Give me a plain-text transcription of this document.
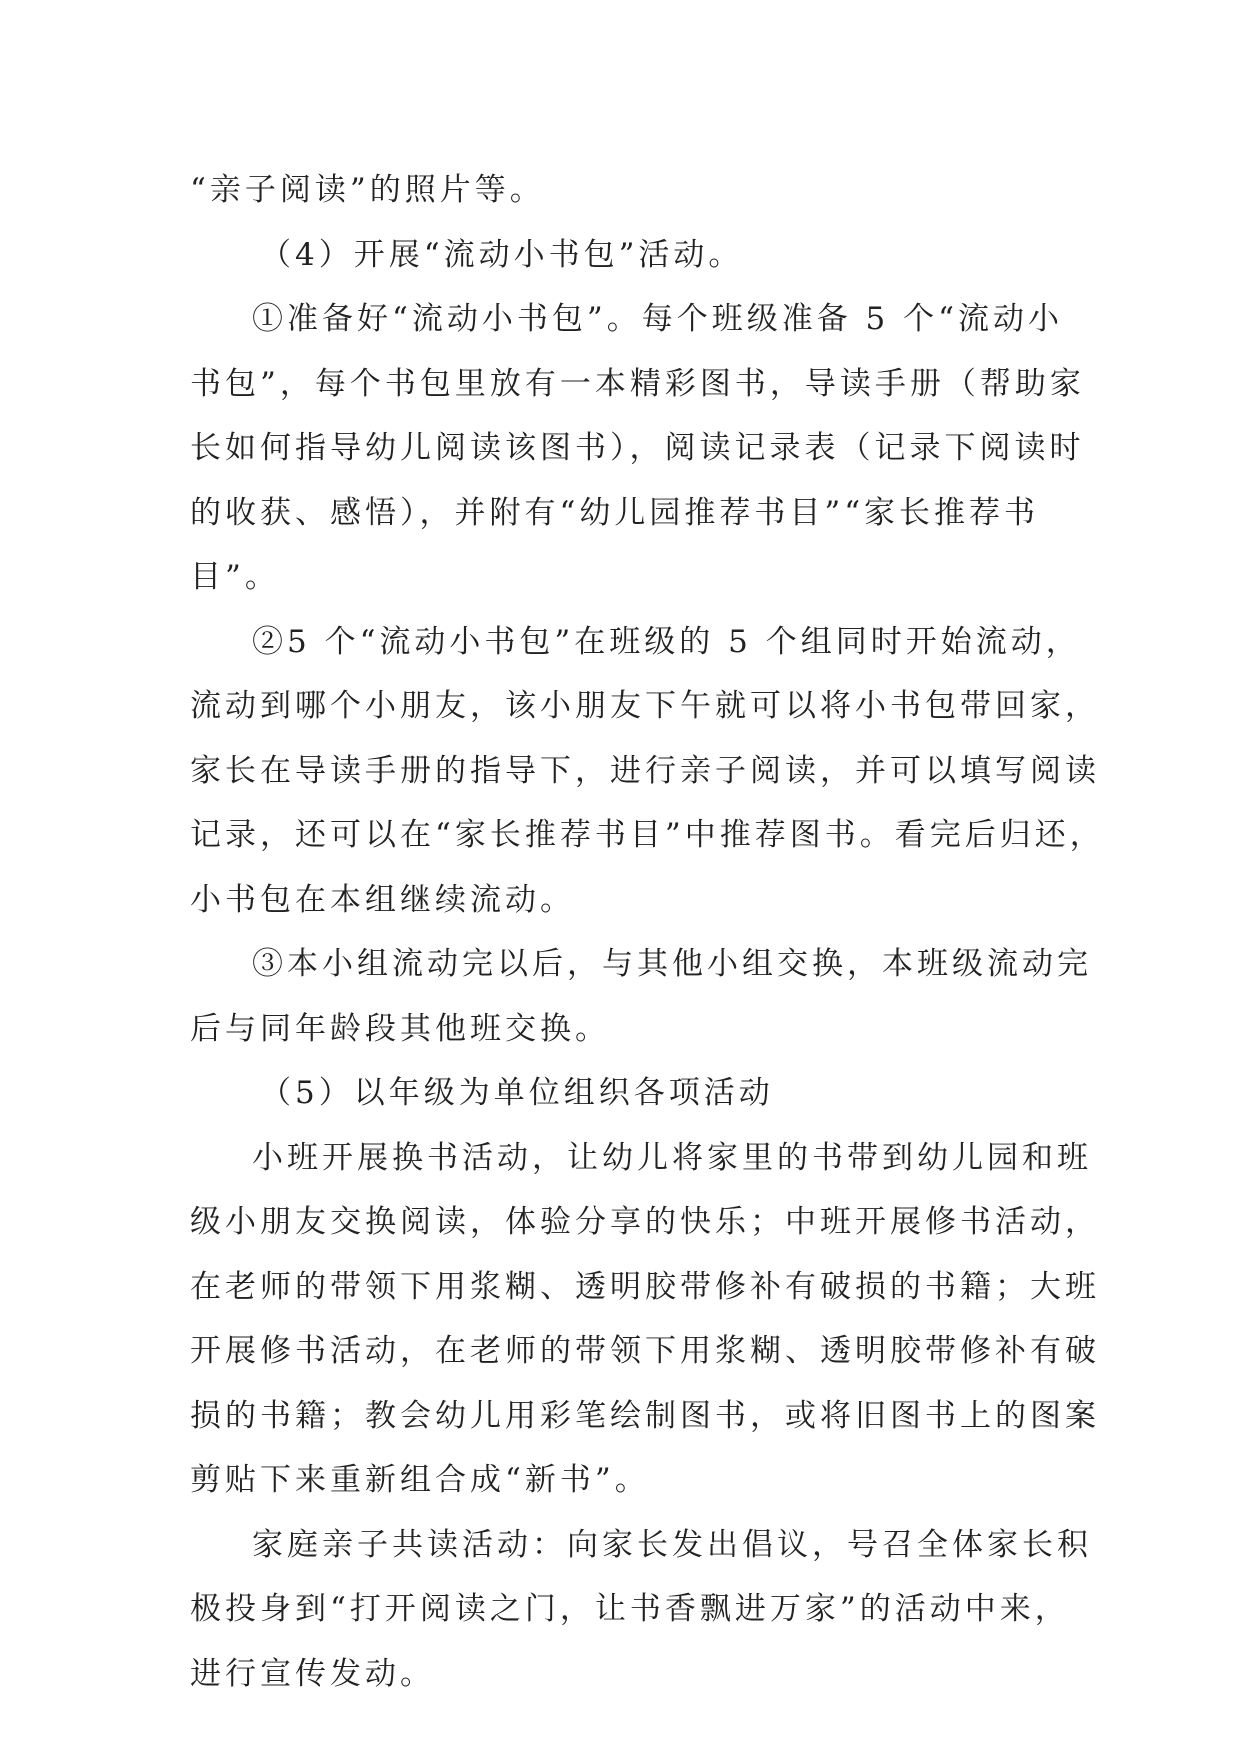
“亲子阅读”的照片等。
（4）开展“流动小书包”活动。
①准备好“流动小书包”。每个班级准备 5 个“流动小
书包”，每个书包里放有一本精彩图书，导读手册（帮助家
长如何指导幼儿阅读该图书），阅读记录表（记录下阅读时
的收获、感悟），并附有“幼儿园推荐书目”“家长推荐书
目”。
②5 个“流动小书包”在班级的 5 个组同时开始流动，
流动到哪个小朋友，该小朋友下午就可以将小书包带回家，
家长在导读手册的指导下，进行亲子阅读，并可以填写阅读
记录，还可以在“家长推荐书目”中推荐图书。看完后归还，
小书包在本组继续流动。
③本小组流动完以后，与其他小组交换，本班级流动完
后与同年龄段其他班交换。
（5）以年级为单位组织各项活动
小班开展换书活动，让幼儿将家里的书带到幼儿园和班
级小朋友交换阅读，体验分享的快乐；中班开展修书活动，
在老师的带领下用浆糊、透明胶带修补有破损的书籍；大班
开展修书活动，在老师的带领下用浆糊、透明胶带修补有破
损的书籍；教会幼儿用彩笔绘制图书，或将旧图书上的图案
剪贴下来重新组合成“新书”。
家庭亲子共读活动：向家长发出倡议，号召全体家长积
极投身到“打开阅读之门，让书香飘进万家”的活动中来，
进行宣传发动。
